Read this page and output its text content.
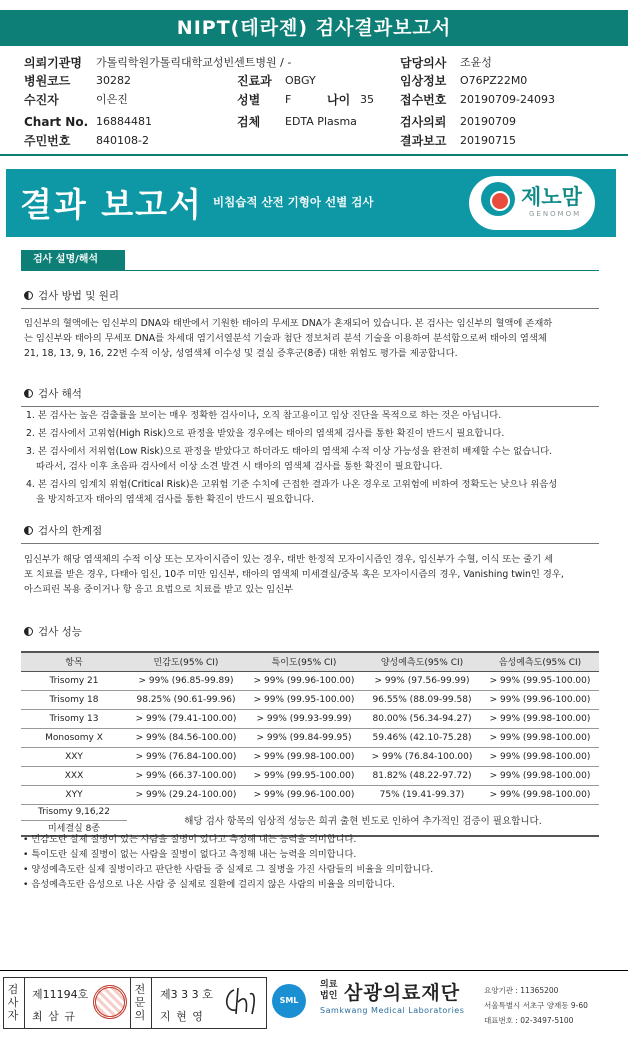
NIPT(테라젠) 검사결과보고서
의뢰기관명 가톨릭학원가톨릭대학교성빈센트병원 / -	담당의사 조윤성
병원코드 30282	진료과 OBGY	임상정보 O76PZ22M0
수진자	이은진	성별 F	나이 35 접수번호 20190709-24093
Chart No. 16884481	검체 EDTA Plasma	검사의뢰 20190709
주민번호 840108-2	결과보고 20190715
결과 보고서 비침습적 산전 기형아 선별 검사	제노맘
GENOMOM
검사 설명/해석
검사 방법 및 원리

임신부의 혈액에는 임신부의 DNA와 태반에서 기원한 태아의 무세포 DNA가 혼재되어 있습니다. 본 검사는 임신부의 혈액에 존재하

는 임신부와 태아의 무세포 DNA를 차세대 염기서열분석 기술과 첨단 정보처리 분석 기술을 이용하여 분석함으로써 태아의 염색체

21, 18, 13, 9, 16, 22번 수적 이상, 성염색체 이수성 및 결실 증후군(8종) 대한 위험도 평가를 제공합니다.

검사 해석
1. 본 검사는 높은 검출률을 보이는 매우 정확한 검사이나, 오직 참고용이고 임상 진단을 목적으로 하는 것은 아닙니다.
2. 본 검사에서 고위험(High Risk)으로 판정을 받았을 경우에는 태아의 염색체 검사를 통한 확진이 반드시 필요합니다.
3. 본 검사에서 저위험(Low Risk)으로 판정을 받았다고 하더라도 태아의 염색체 수적 이상 가능성을 완전히 배제할 수는 없습니다.
따라서, 검사 이후 초음파 검사에서 이상 소견 발견 시 태아의 염색체 검사를 통한 확진이 필요합니다.
4. 본 검사의 임계치 위험(Critical Risk)은 고위험 기준 수치에 근접한 결과가 나온 경우로 고위험에 비하여 정확도는 낮으나 위음성
을 방지하고자 태아의 염색체 검사를 통한 확진이 반드시 필요합니다.
검사의 한계점

임신부가 해당 염색체의 수적 이상 또는 모자이시즘이 있는 경우, 태반 한정적 모자이시즘인 경우, 임신부가 수혈, 이식 또는 줄기 세

포 치료를 받은 경우, 다태아 임신, 10주 미만 임신부, 태아의 염색체 미세결실/중복 혹은 모자이시즘의 경우, Vanishing twin인 경우,

아스피린 복용 중이거나 항 응고 요법으로 치료를 받고 있는 임신부

검사 성능
항목	민감도(95% CI)	특이도(95% CI)	양성예측도(95% CI)	음성예측도(95% CI)
Trisomy 21	> 99% (96.85-99.89)	> 99% (99.96-100.00)	> 99% (97.56-99.99)	> 99% (99.95-100.00)
Trisomy 18	98.25% (90.61-99.96)	> 99% (99.95-100.00)	96.55% (88.09-99.58)	> 99% (99.96-100.00)
Trisomy 13	> 99% (79.41-100.00)	> 99% (99.93-99.99)	80.00% (56.34-94.27)	> 99% (99.98-100.00)
Monosomy X	> 99% (84.56-100.00)	> 99% (99.84-99.95)	59.46% (42.10-75.28)	> 99% (99.98-100.00)
XXY	> 99% (76.84-100.00)	> 99% (99.98-100.00)	> 99% (76.84-100.00)	> 99% (99.98-100.00)
XXX	> 99% (66.37-100.00)	> 99% (99.95-100.00)	81.82% (48.22-97.72)	> 99% (99.98-100.00)
XYY	> 99% (29.24-100.00)	> 99% (99.96-100.00)	75% (19.41-99.37)	> 99% (99.98-100.00)
Trisomy 9,16,22	해당 검사 항목의 임상적 성능은 희귀 출현 빈도로 인하여 추가적인 검증이 필요합니다.			
미세결실 8종				
• 민감도란 실제 질병이 있는 사람을 질병이 있다고 측정해 내는 능력을 의미합니다.
• 특이도란 실제 질병이 없는 사람을 질병이 없다고 측정해 내는 능력을 의미합니다.
• 양성예측도란 실제 질병이라고 판단한 사람들 중 실제로 그 질병을 가진 사람들의 비율을 의미합니다.
• 음성예측도란 음성으로 나온 사람 중 실제로 질환에 걸리지 않은 사람의 비율을 의미합니다.
검
사
자
제11194호
최 삼 규
전
문
의
제3 3 3 호
지 현 영
SML
의료
법인 삼광의료재단
Samkwang Medical Laboratories
요양기관 : 11365200
서울특별시 서초구 양재동 9-60
대표번호 : 02-3497-5100
